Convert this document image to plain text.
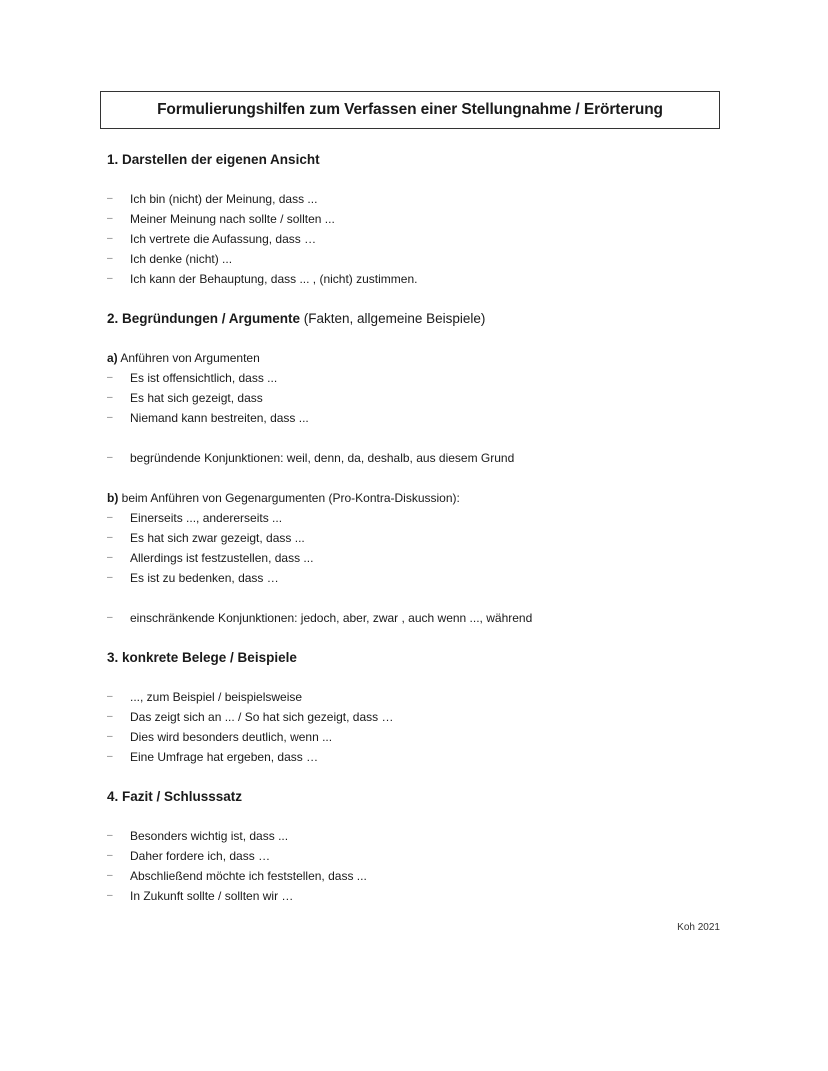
Formulierungshilfen zum Verfassen einer Stellungnahme / Erörterung
1. Darstellen der eigenen Ansicht
– Ich bin (nicht) der Meinung, dass ...
– Meiner Meinung nach sollte / sollten ...
– Ich vertrete die Aufassung, dass …
– Ich denke (nicht) ...
– Ich kann der Behauptung, dass ... , (nicht) zustimmen.
2. Begründungen / Argumente (Fakten, allgemeine Beispiele)
a) Anführen von Argumenten
– Es ist offensichtlich, dass ...
– Es hat sich gezeigt, dass
– Niemand kann bestreiten, dass ...
– begründende Konjunktionen: weil, denn, da, deshalb, aus diesem Grund
b) beim Anführen von Gegenargumenten (Pro-Kontra-Diskussion):
– Einerseits ..., andererseits ...
– Es hat sich zwar gezeigt, dass ...
– Allerdings ist festzustellen, dass ...
– Es ist zu bedenken, dass …
– einschränkende Konjunktionen: jedoch, aber, zwar , auch wenn ..., während
3. konkrete Belege / Beispiele
– ..., zum Beispiel / beispielsweise
– Das zeigt sich an ... / So hat sich gezeigt, dass …
– Dies wird besonders deutlich, wenn ...
– Eine Umfrage hat ergeben, dass …
4. Fazit / Schlusssatz
– Besonders wichtig ist, dass ...
– Daher fordere ich, dass …
– Abschließend möchte ich feststellen, dass ...
– In Zukunft sollte / sollten wir …
Koh 2021
